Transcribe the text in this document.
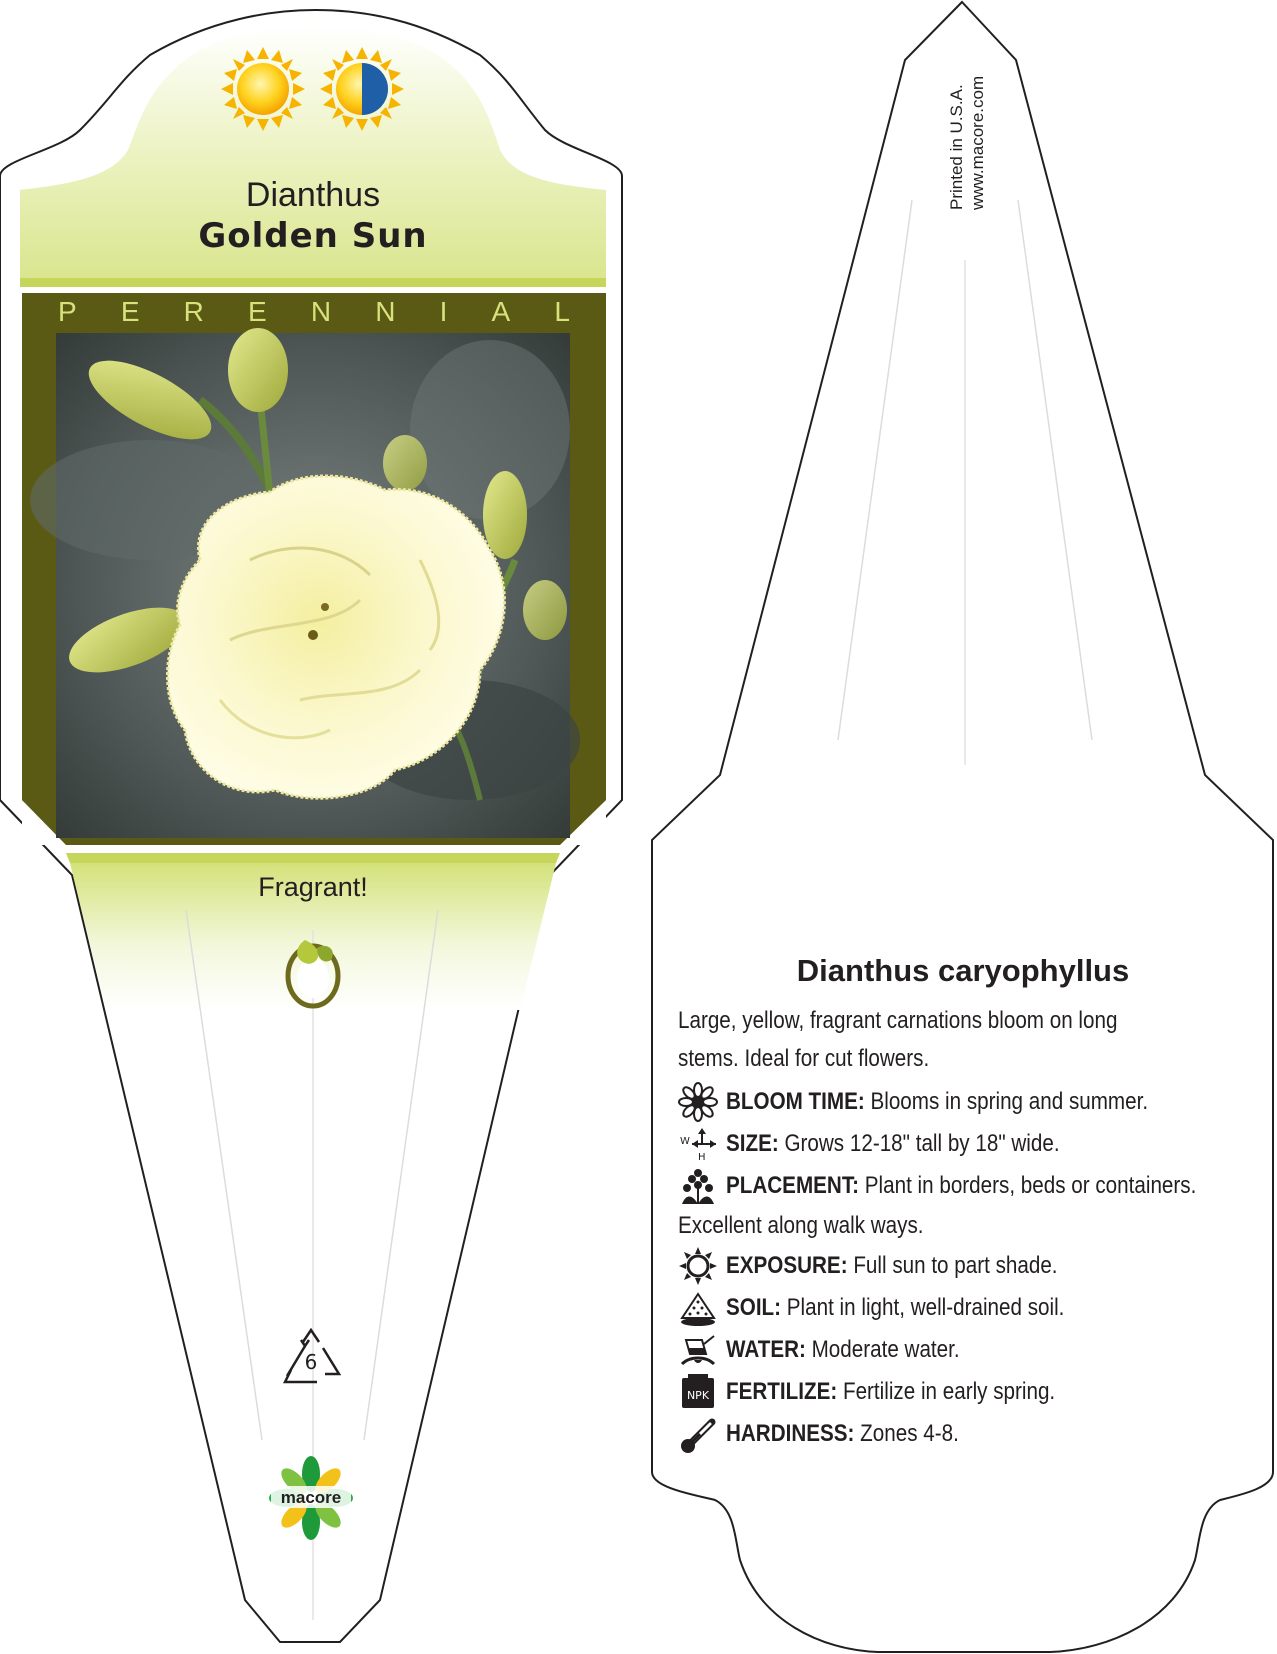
Dianthus
Golden Sun
P E R E N N I A L
Fragrant!
6
macore
Printed in U.S.A. www.macore.com
Dianthus caryophyllus
Large, yellow, fragrant carnations bloom on long stems. Ideal for cut flowers.
BLOOM TIME: Blooms in spring and summer.
W
H
SIZE: Grows 12-18" tall by 18" wide.
PLACEMENT: Plant in borders, beds or containers.
Excellent along walk ways.
EXPOSURE: Full sun to part shade.
SOIL: Plant in light, well-drained soil.
WATER: Moderate water.
NPK FERTILIZE: Fertilize in early spring.
HARDINESS: Zones 4-8.
